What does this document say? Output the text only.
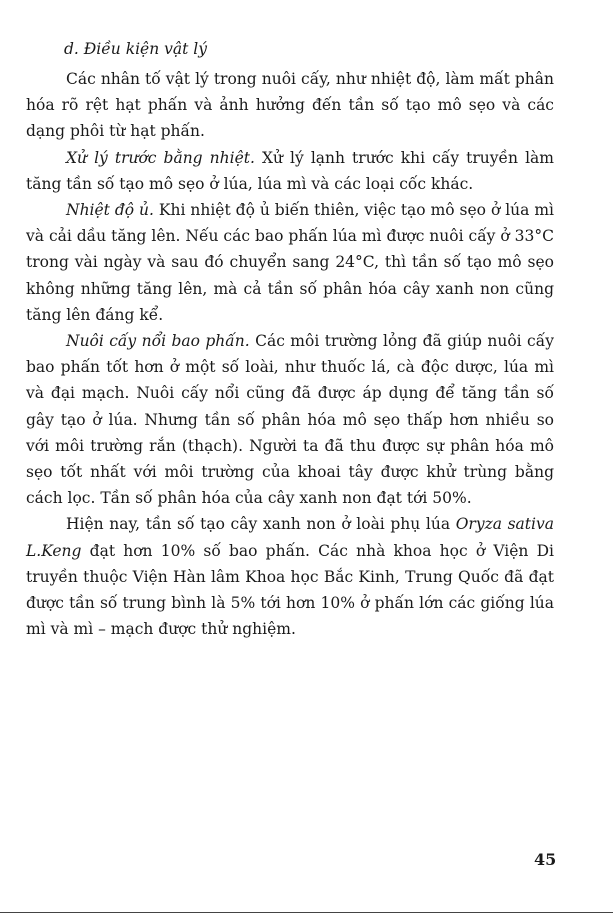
d. Điều kiện vật lý

Các nhân tố vật lý trong nuôi cấy, như nhiệt độ, làm mất phân hóa rõ rệt hạt phấn và ảnh hưởng đến tần số tạo mô sẹo và các dạng phôi từ hạt phấn.

Xử lý trước bằng nhiệt. Xử lý lạnh trước khi cấy truyền làm tăng tần số tạo mô sẹo ở lúa, lúa mì và các loại cốc khác.

Nhiệt độ ủ. Khi nhiệt độ ủ biến thiên, việc tạo mô sẹo ở lúa mì và cải dầu tăng lên. Nếu các bao phấn lúa mì được nuôi cấy ở 33°C trong vài ngày và sau đó chuyển sang 24°C, thì tần số tạo mô sẹo không những tăng lên, mà cả tần số phân hóa cây xanh non cũng tăng lên đáng kể.

Nuôi cấy nổi bao phấn. Các môi trường lỏng đã giúp nuôi cấy bao phấn tốt hơn ở một số loài, như thuốc lá, cà độc dược, lúa mì và đại mạch. Nuôi cấy nổi cũng đã được áp dụng để tăng tần số gây tạo ở lúa. Nhưng tần số phân hóa mô sẹo thấp hơn nhiều so với môi trường rắn (thạch). Người ta đã thu được sự phân hóa mô sẹo tốt nhất với môi trường của khoai tây được khử trùng bằng cách lọc. Tần số phân hóa của cây xanh non đạt tới 50%.

Hiện nay, tần số tạo cây xanh non ở loài phụ lúa Oryza sativa L.Keng đạt hơn 10% số bao phấn. Các nhà khoa học ở Viện Di truyền thuộc Viện Hàn lâm Khoa học Bắc Kinh, Trung Quốc đã đạt được tần số trung bình là 5% tới hơn 10% ở phấn lớn các giống lúa mì và mì – mạch được thử nghiệm.

45
